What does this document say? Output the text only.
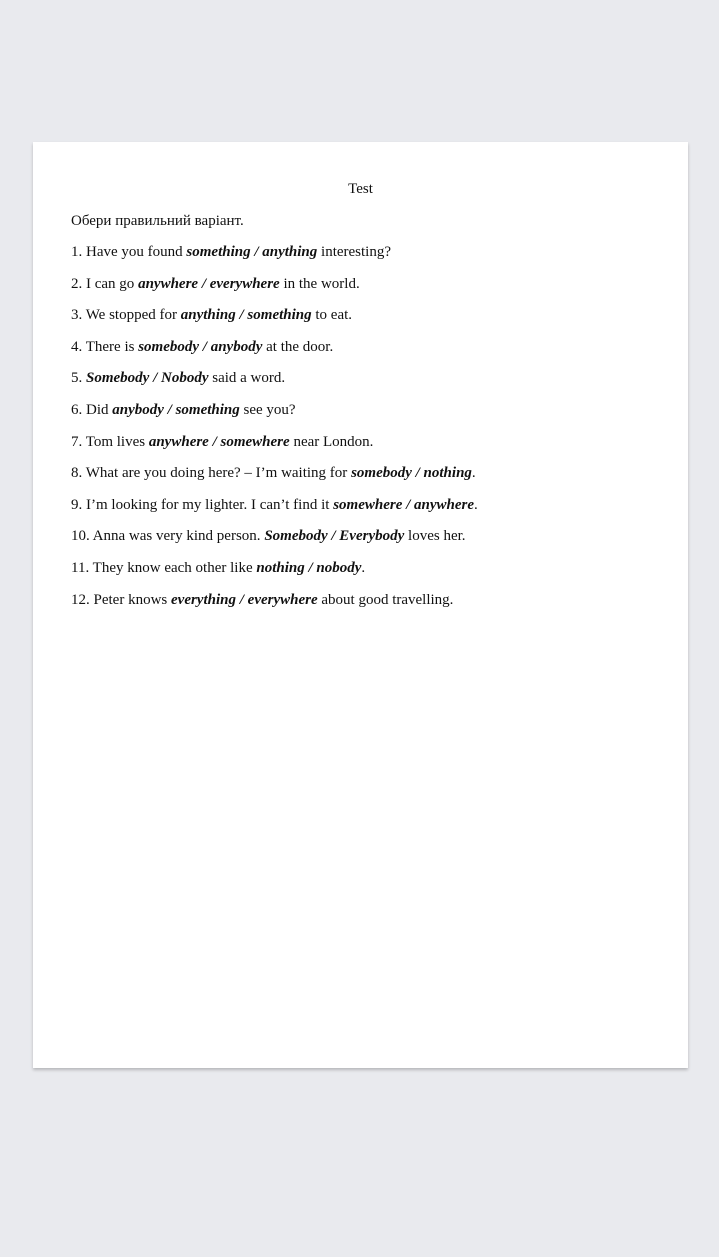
Test
Обери правильний варіант.
1. Have you found something / anything interesting?
2. I can go anywhere / everywhere in the world.
3. We stopped for anything / something to eat.
4. There is somebody / anybody at the door.
5. Somebody / Nobody said a word.
6. Did anybody / something see you?
7. Tom lives anywhere / somewhere near London.
8. What are you doing here? – I’m waiting for somebody / nothing.
9. I’m looking for my lighter. I can’t find it somewhere / anywhere.
10. Anna was very kind person. Somebody / Everybody loves her.
11. They know each other like nothing / nobody.
12. Peter knows everything / everywhere about good travelling.
